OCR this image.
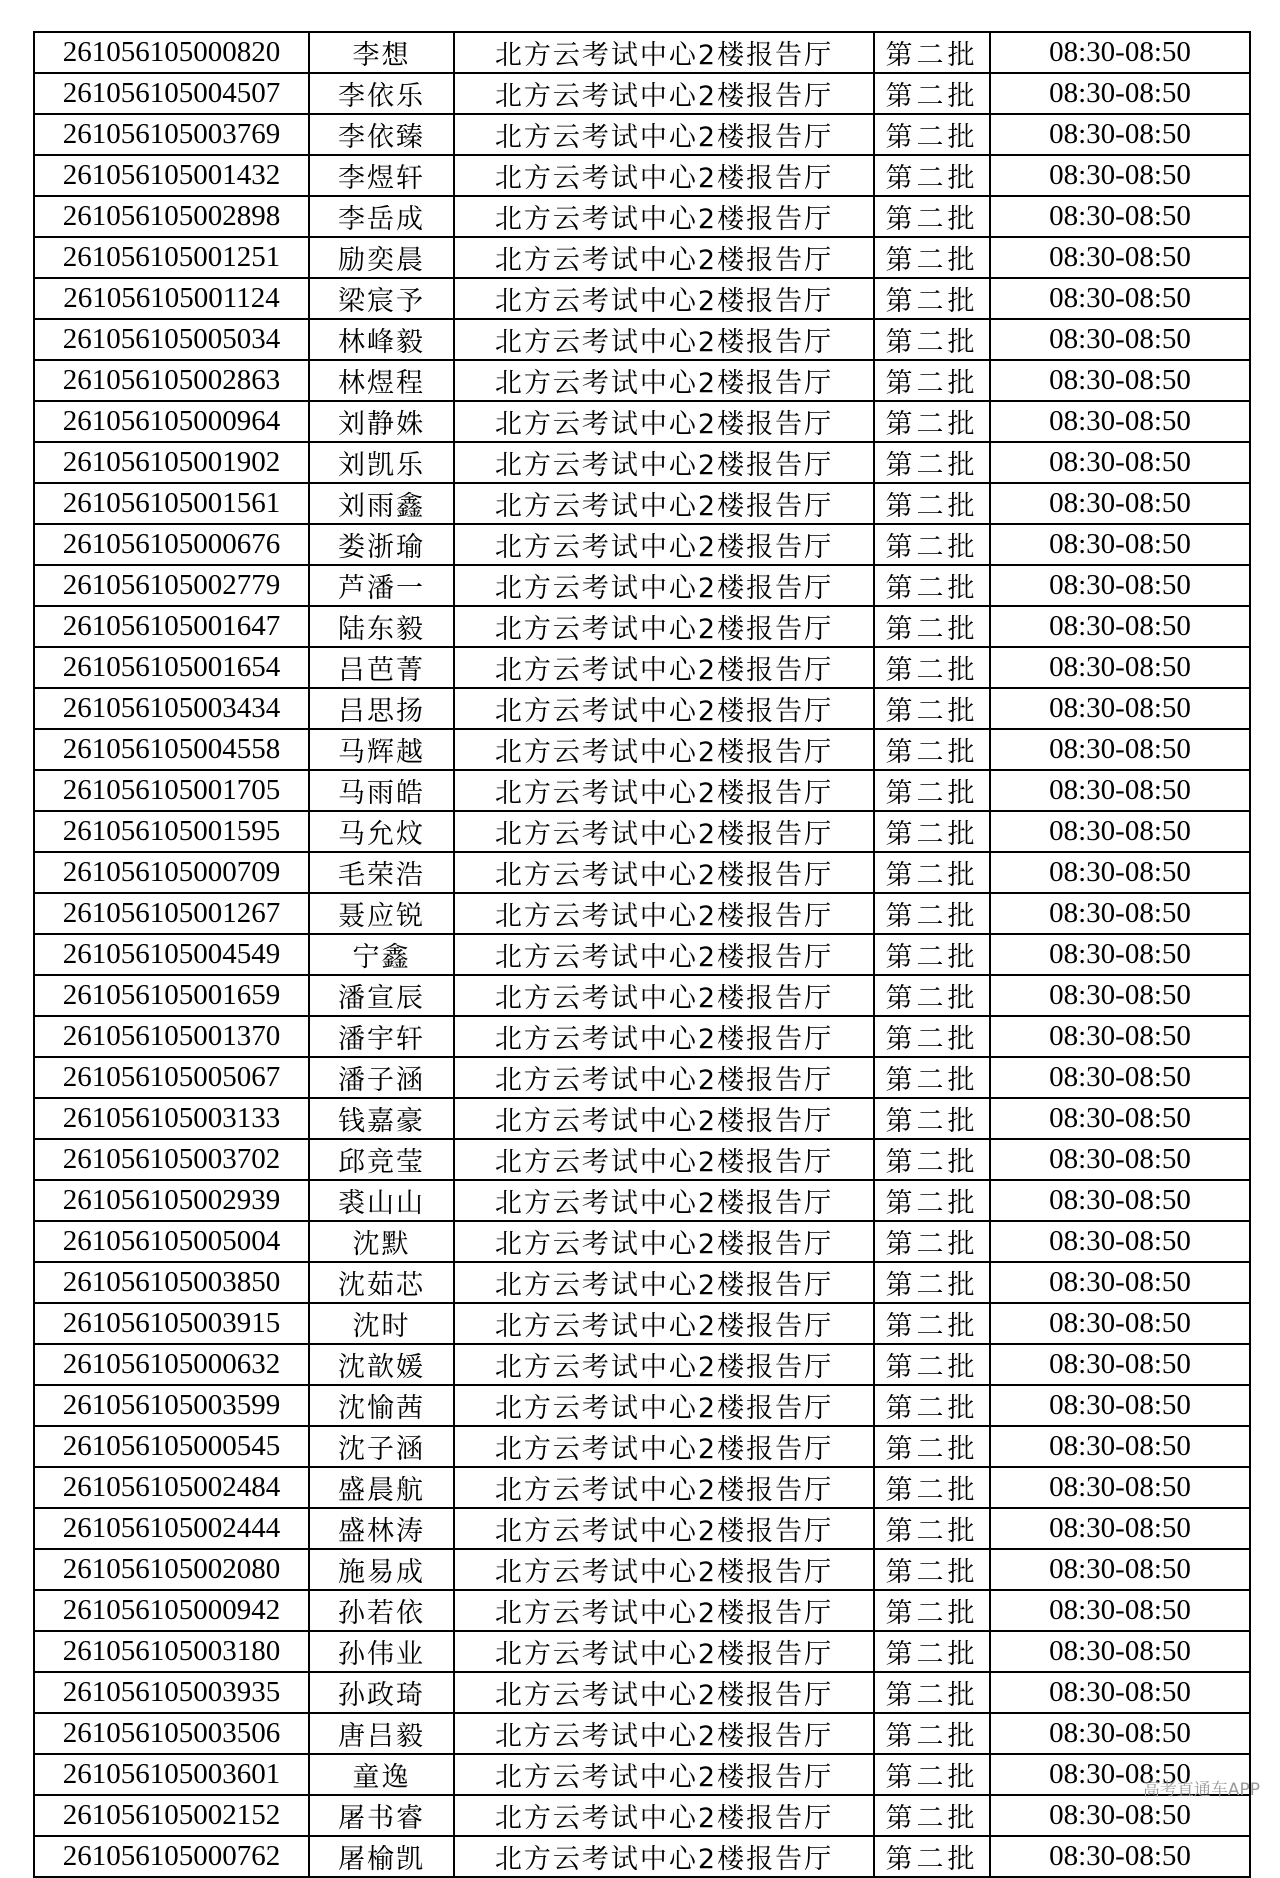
261056105000820	李想	北方云考试中心2楼报告厅	第二批	08:30-08:50
261056105004507	李依乐	北方云考试中心2楼报告厅	第二批	08:30-08:50
261056105003769	李依臻	北方云考试中心2楼报告厅	第二批	08:30-08:50
261056105001432	李煜轩	北方云考试中心2楼报告厅	第二批	08:30-08:50
261056105002898	李岳成	北方云考试中心2楼报告厅	第二批	08:30-08:50
261056105001251	励奕晨	北方云考试中心2楼报告厅	第二批	08:30-08:50
261056105001124	梁宸予	北方云考试中心2楼报告厅	第二批	08:30-08:50
261056105005034	林峰毅	北方云考试中心2楼报告厅	第二批	08:30-08:50
261056105002863	林煜程	北方云考试中心2楼报告厅	第二批	08:30-08:50
261056105000964	刘静姝	北方云考试中心2楼报告厅	第二批	08:30-08:50
261056105001902	刘凯乐	北方云考试中心2楼报告厅	第二批	08:30-08:50
261056105001561	刘雨鑫	北方云考试中心2楼报告厅	第二批	08:30-08:50
261056105000676	娄浙瑜	北方云考试中心2楼报告厅	第二批	08:30-08:50
261056105002779	芦潘一	北方云考试中心2楼报告厅	第二批	08:30-08:50
261056105001647	陆东毅	北方云考试中心2楼报告厅	第二批	08:30-08:50
261056105001654	吕芭菁	北方云考试中心2楼报告厅	第二批	08:30-08:50
261056105003434	吕思扬	北方云考试中心2楼报告厅	第二批	08:30-08:50
261056105004558	马辉越	北方云考试中心2楼报告厅	第二批	08:30-08:50
261056105001705	马雨皓	北方云考试中心2楼报告厅	第二批	08:30-08:50
261056105001595	马允炆	北方云考试中心2楼报告厅	第二批	08:30-08:50
261056105000709	毛荣浩	北方云考试中心2楼报告厅	第二批	08:30-08:50
261056105001267	聂应锐	北方云考试中心2楼报告厅	第二批	08:30-08:50
261056105004549	宁鑫	北方云考试中心2楼报告厅	第二批	08:30-08:50
261056105001659	潘宣辰	北方云考试中心2楼报告厅	第二批	08:30-08:50
261056105001370	潘宇轩	北方云考试中心2楼报告厅	第二批	08:30-08:50
261056105005067	潘子涵	北方云考试中心2楼报告厅	第二批	08:30-08:50
261056105003133	钱嘉豪	北方云考试中心2楼报告厅	第二批	08:30-08:50
261056105003702	邱竞莹	北方云考试中心2楼报告厅	第二批	08:30-08:50
261056105002939	裘山山	北方云考试中心2楼报告厅	第二批	08:30-08:50
261056105005004	沈默	北方云考试中心2楼报告厅	第二批	08:30-08:50
261056105003850	沈茹芯	北方云考试中心2楼报告厅	第二批	08:30-08:50
261056105003915	沈时	北方云考试中心2楼报告厅	第二批	08:30-08:50
261056105000632	沈歆媛	北方云考试中心2楼报告厅	第二批	08:30-08:50
261056105003599	沈愉茜	北方云考试中心2楼报告厅	第二批	08:30-08:50
261056105000545	沈子涵	北方云考试中心2楼报告厅	第二批	08:30-08:50
261056105002484	盛晨航	北方云考试中心2楼报告厅	第二批	08:30-08:50
261056105002444	盛林涛	北方云考试中心2楼报告厅	第二批	08:30-08:50
261056105002080	施易成	北方云考试中心2楼报告厅	第二批	08:30-08:50
261056105000942	孙若依	北方云考试中心2楼报告厅	第二批	08:30-08:50
261056105003180	孙伟业	北方云考试中心2楼报告厅	第二批	08:30-08:50
261056105003935	孙政琦	北方云考试中心2楼报告厅	第二批	08:30-08:50
261056105003506	唐吕毅	北方云考试中心2楼报告厅	第二批	08:30-08:50
261056105003601	童逸	北方云考试中心2楼报告厅	第二批	08:30-08:50
261056105002152	屠书睿	北方云考试中心2楼报告厅	第二批	08:30-08:50
261056105000762	屠榆凯	北方云考试中心2楼报告厅	第二批	08:30-08:50
高考直通车APP
